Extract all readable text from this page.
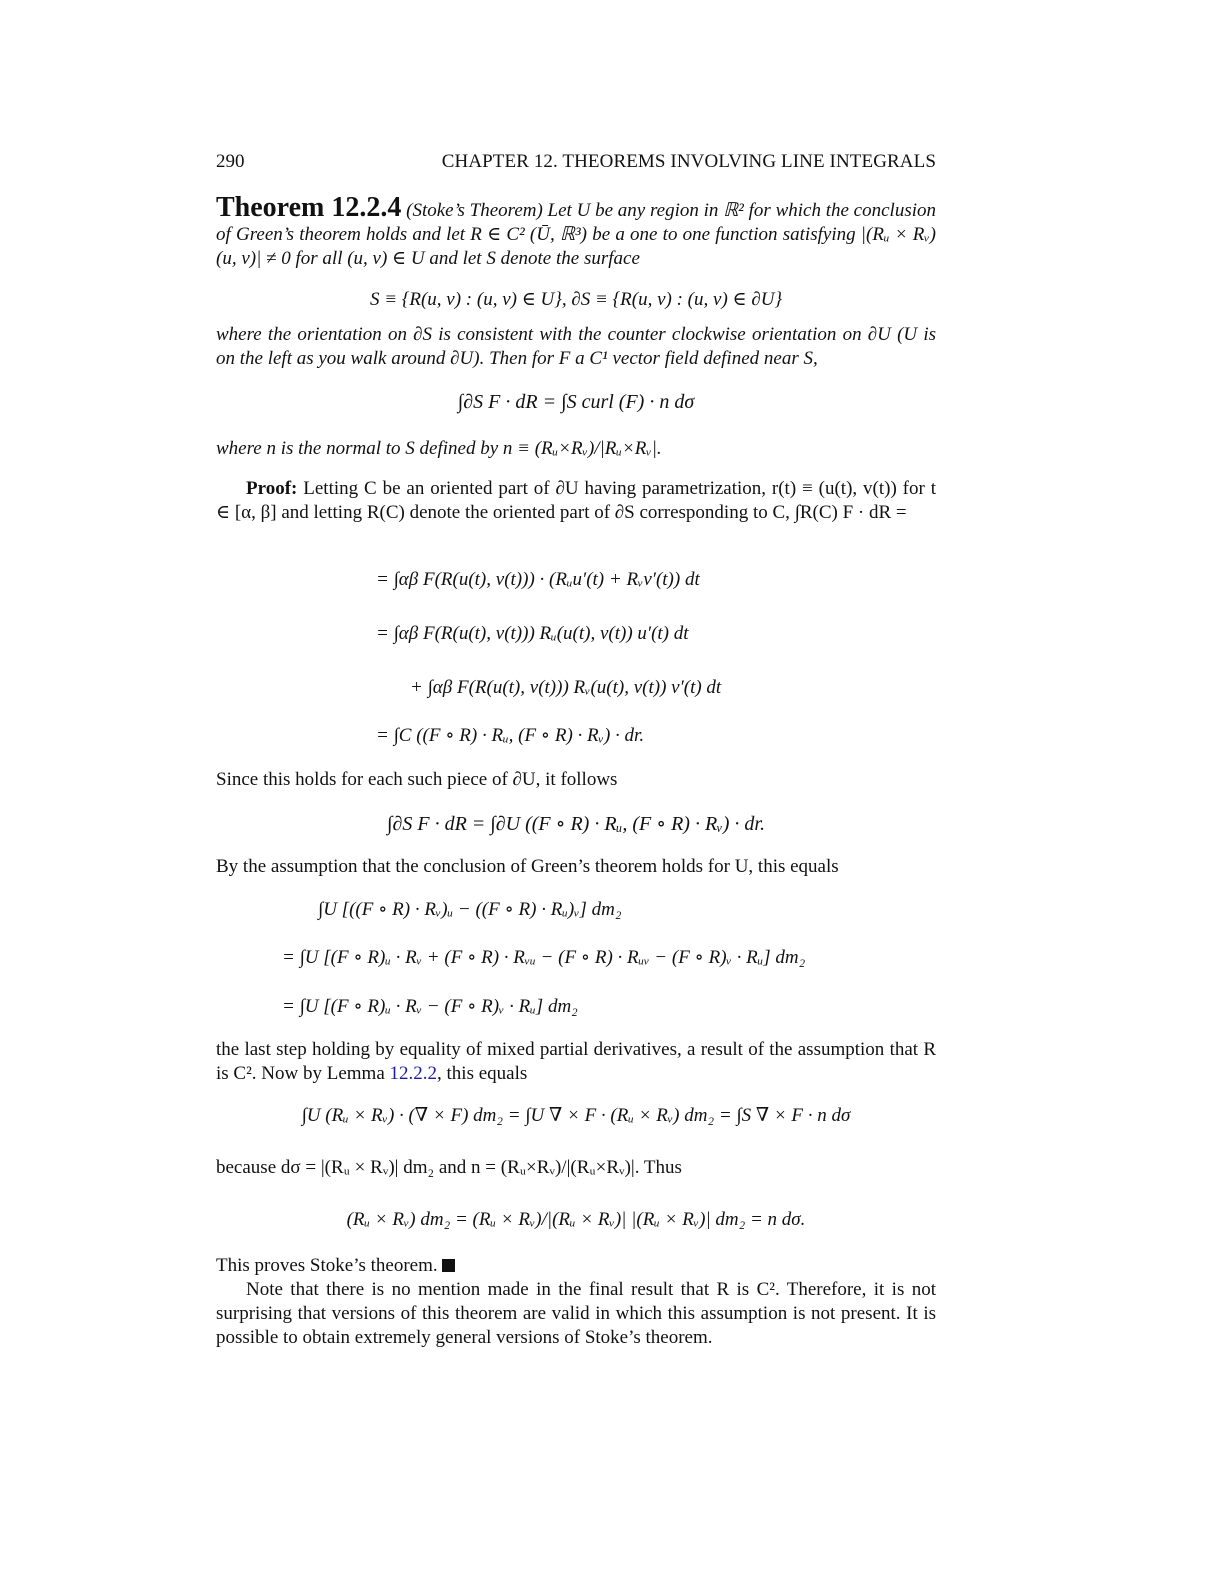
290	CHAPTER 12. THEOREMS INVOLVING LINE INTEGRALS

Theorem 12.2.4 (Stoke’s Theorem) Let U be any region in ℝ² for which the conclusion of Green’s theorem holds and let R ∈ C² (Ū, ℝ³) be a one to one function satisfying |(Rᵤ × Rᵥ)(u, v)| ≠ 0 for all (u, v) ∈ U and let S denote the surface

S ≡ {R(u, v) : (u, v) ∈ U}, ∂S ≡ {R(u, v) : (u, v) ∈ ∂U}
where the orientation on ∂S is consistent with the counter clockwise orientation on ∂U (U is on the left as you walk around ∂U). Then for F a C¹ vector field defined near S,
∫∂S F · dR = ∫S curl (F) · n dσ
where n is the normal to S defined by n ≡ (Rᵤ×Rᵥ)/|Rᵤ×Rᵥ|.

Proof: Letting C be an oriented part of ∂U having parametrization, r(t) ≡ (u(t), v(t)) for t ∈ [α, β] and letting R(C) denote the oriented part of ∂S corresponding to C, ∫R(C) F · dR =

= ∫αβ F(R(u(t), v(t))) · (Rᵤu′(t) + Rᵥv′(t)) dt
= ∫αβ F(R(u(t), v(t))) Rᵤ(u(t), v(t)) u′(t) dt
+ ∫αβ F(R(u(t), v(t))) Rᵥ(u(t), v(t)) v′(t) dt
= ∫C ((F ∘ R) · Rᵤ, (F ∘ R) · Rᵥ) · dr.
Since this holds for each such piece of ∂U, it follows
∫∂S F · dR = ∫∂U ((F ∘ R) · Rᵤ, (F ∘ R) · Rᵥ) · dr.
By the assumption that the conclusion of Green’s theorem holds for U, this equals
∫U [((F ∘ R) · Rᵥ)ᵤ − ((F ∘ R) · Rᵤ)ᵥ] dm₂
= ∫U [(F ∘ R)ᵤ · Rᵥ + (F ∘ R) · Rᵥᵤ − (F ∘ R) · Rᵤᵥ − (F ∘ R)ᵥ · Rᵤ] dm₂
= ∫U [(F ∘ R)ᵤ · Rᵥ − (F ∘ R)ᵥ · Rᵤ] dm₂
the last step holding by equality of mixed partial derivatives, a result of the assumption that R is C². Now by Lemma 12.2.2, this equals
∫U (Rᵤ × Rᵥ) · (∇ × F) dm₂ = ∫U ∇ × F · (Rᵤ × Rᵥ) dm₂ = ∫S ∇ × F · n dσ
because dσ = |(Rᵤ × Rᵥ)| dm₂ and n = (Rᵤ×Rᵥ)/|(Rᵤ×Rᵥ)|. Thus
(Rᵤ × Rᵥ) dm₂ = (Rᵤ × Rᵥ)/|(Rᵤ × Rᵥ)| |(Rᵤ × Rᵥ)| dm₂ = n dσ.
This proves Stoke’s theorem.

Note that there is no mention made in the final result that R is C². Therefore, it is not surprising that versions of this theorem are valid in which this assumption is not present. It is possible to obtain extremely general versions of Stoke’s theorem.
